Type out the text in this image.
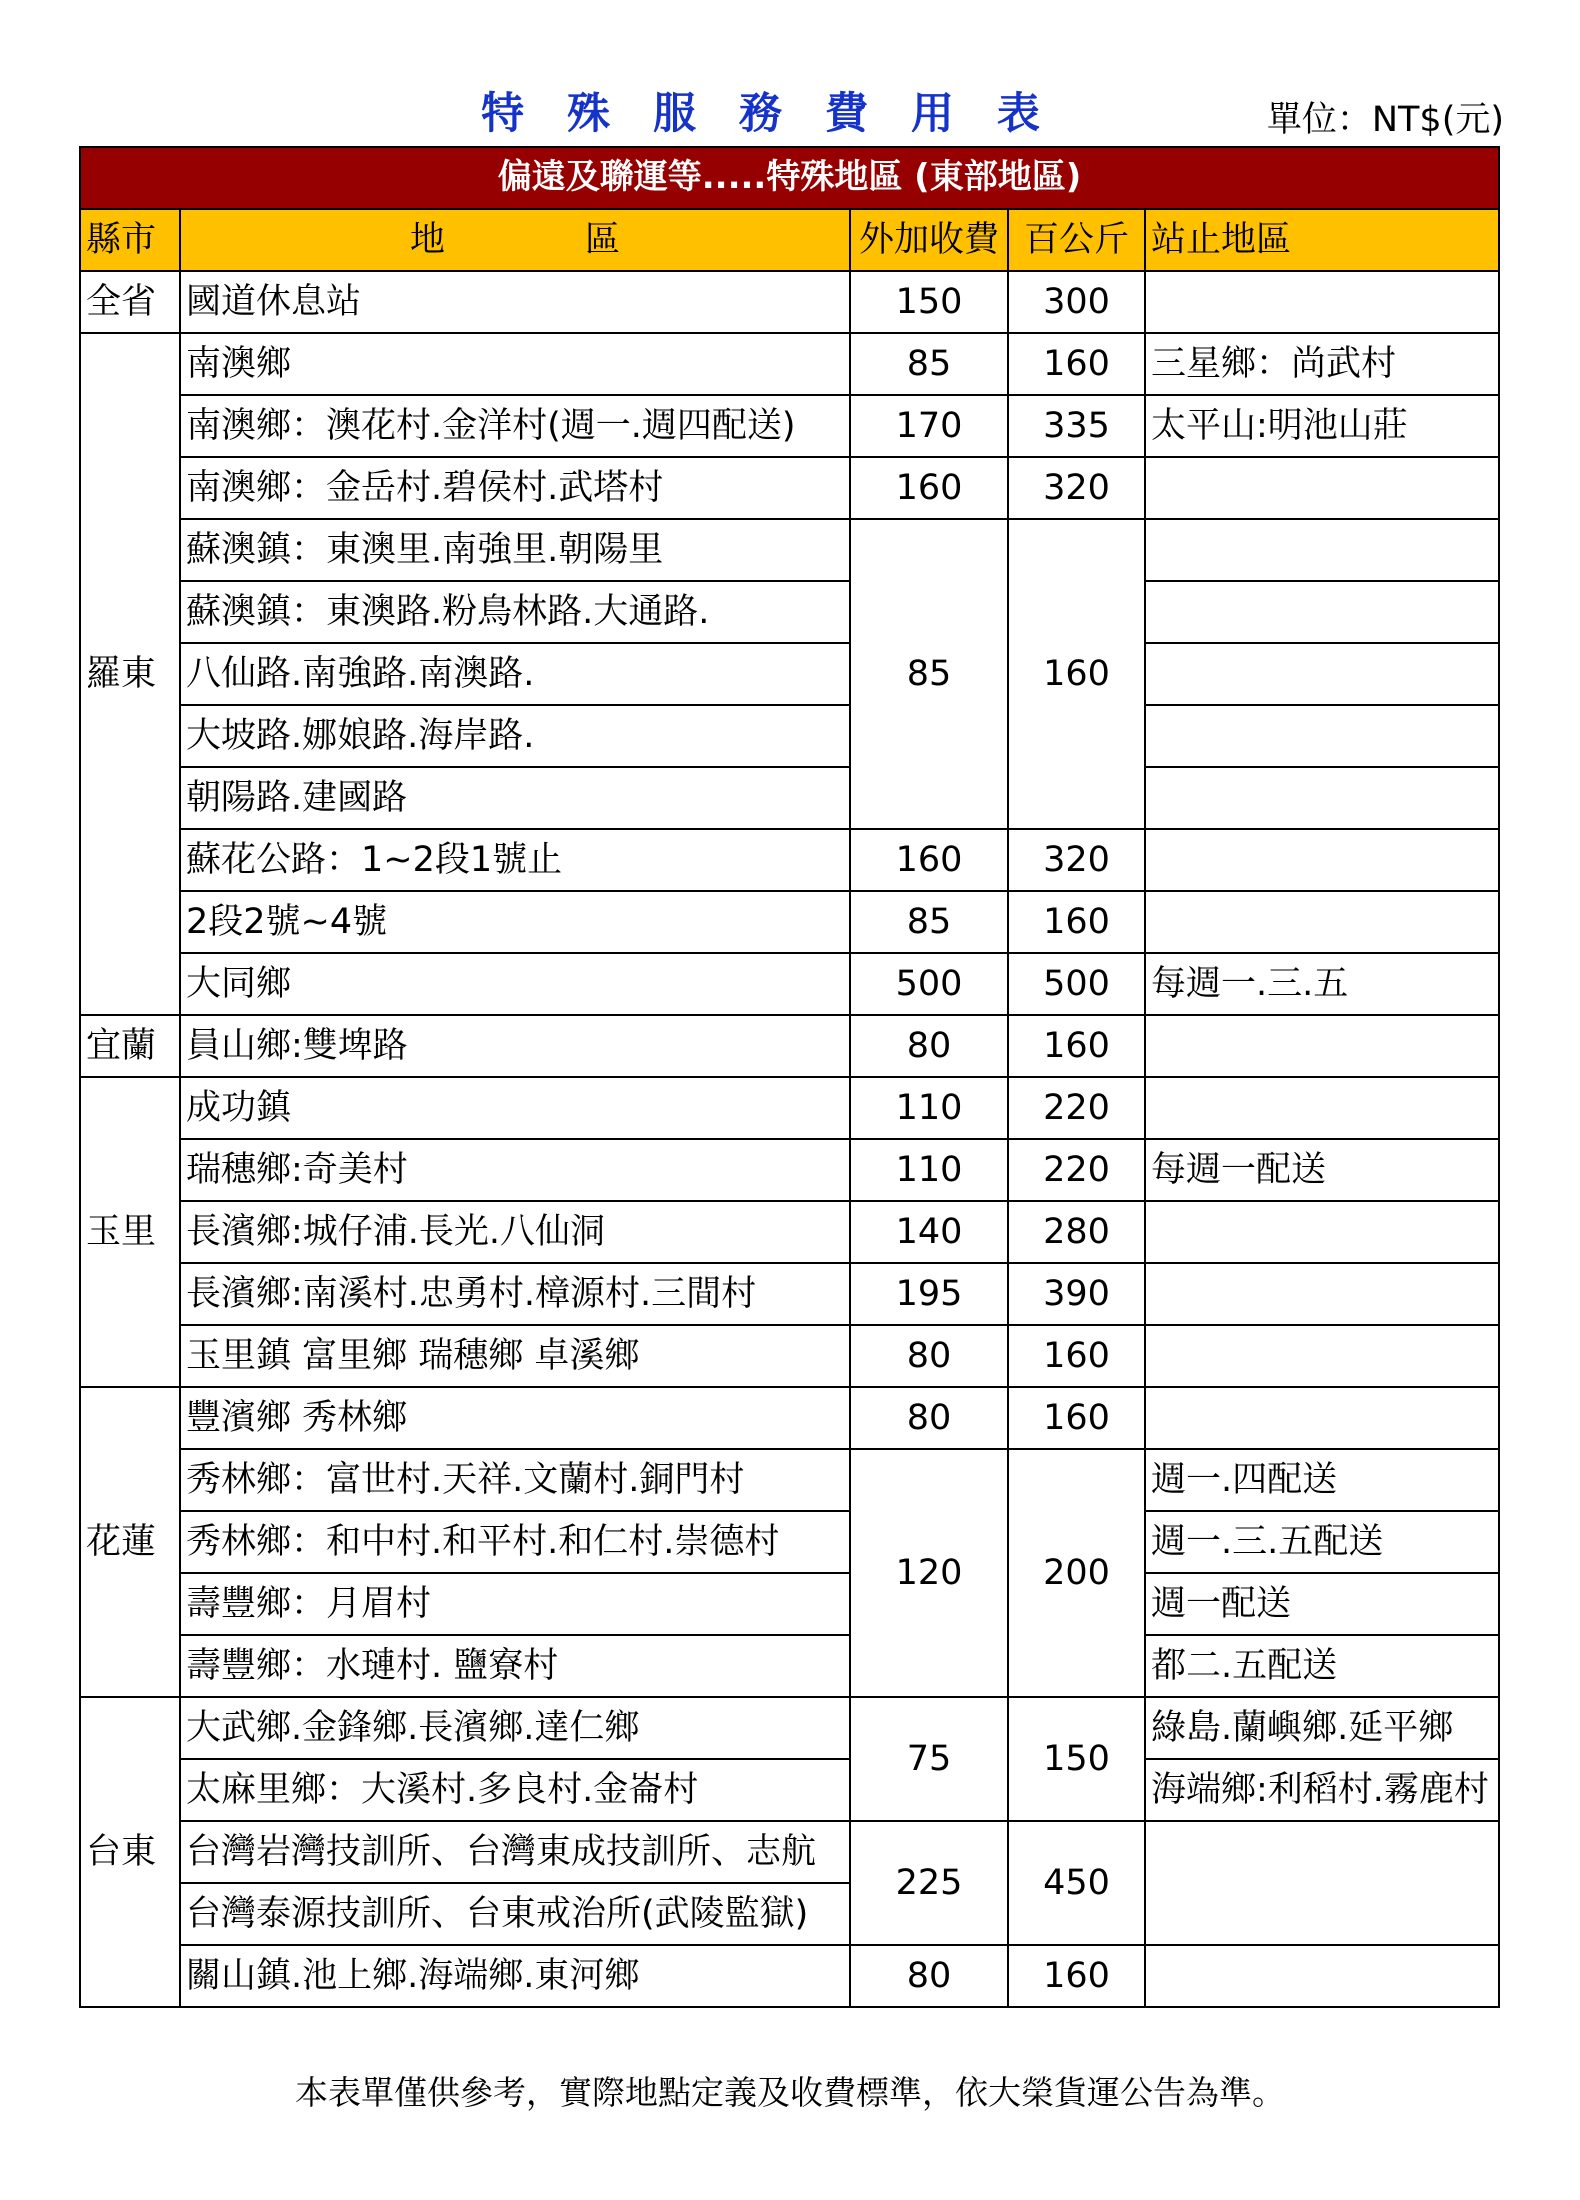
特 殊 服 務 費 用 表	單位：NT$(元)
偏遠及聯運等.....特殊地區 (東部地區)				
縣市	地　　　　區	外加收費	百公斤	站止地區
全省	國道休息站	150	300	
羅東	南澳鄉	85	160	三星鄉：尚武村
	南澳鄉：澳花村.金洋村(週一.週四配送)	170	335	太平山:明池山莊
	南澳鄉：金岳村.碧侯村.武塔村	160	320	
	蘇澳鎮：東澳里.南強里.朝陽里	85	160	
	蘇澳鎮：東澳路.粉鳥林路.大通路.			
	八仙路.南強路.南澳路.			
	大坡路.娜娘路.海岸路.			
	朝陽路.建國路			
	蘇花公路：1~2段1號止	160	320	
	2段2號~4號	85	160	
	大同鄉	500	500	每週一.三.五
宜蘭	員山鄉:雙埤路	80	160	
玉里	成功鎮	110	220	
	瑞穗鄉:奇美村	110	220	每週一配送
	長濱鄉:城仔浦.長光.八仙洞	140	280	
	長濱鄉:南溪村.忠勇村.樟源村.三間村	195	390	
	玉里鎮 富里鄉 瑞穗鄉 卓溪鄉	80	160	
花蓮	豐濱鄉 秀林鄉	80	160	
	秀林鄉：富世村.天祥.文蘭村.銅門村	120	200	週一.四配送
	秀林鄉：和中村.和平村.和仁村.崇德村			週一.三.五配送
	壽豐鄉：月眉村			週一配送
	壽豐鄉：水璉村. 鹽寮村			都二.五配送
台東	大武鄉.金鋒鄉.長濱鄉.達仁鄉	75	150	綠島.蘭嶼鄉.延平鄉
	太麻里鄉：大溪村.多良村.金崙村			海端鄉:利稻村.霧鹿村
	台灣岩灣技訓所、台灣東成技訓所、志航	225	450	
	台灣泰源技訓所、台東戒治所(武陵監獄)			
	關山鎮.池上鄉.海端鄉.東河鄉	80	160	
本表單僅供參考，實際地點定義及收費標準，依大榮貨運公告為準。
